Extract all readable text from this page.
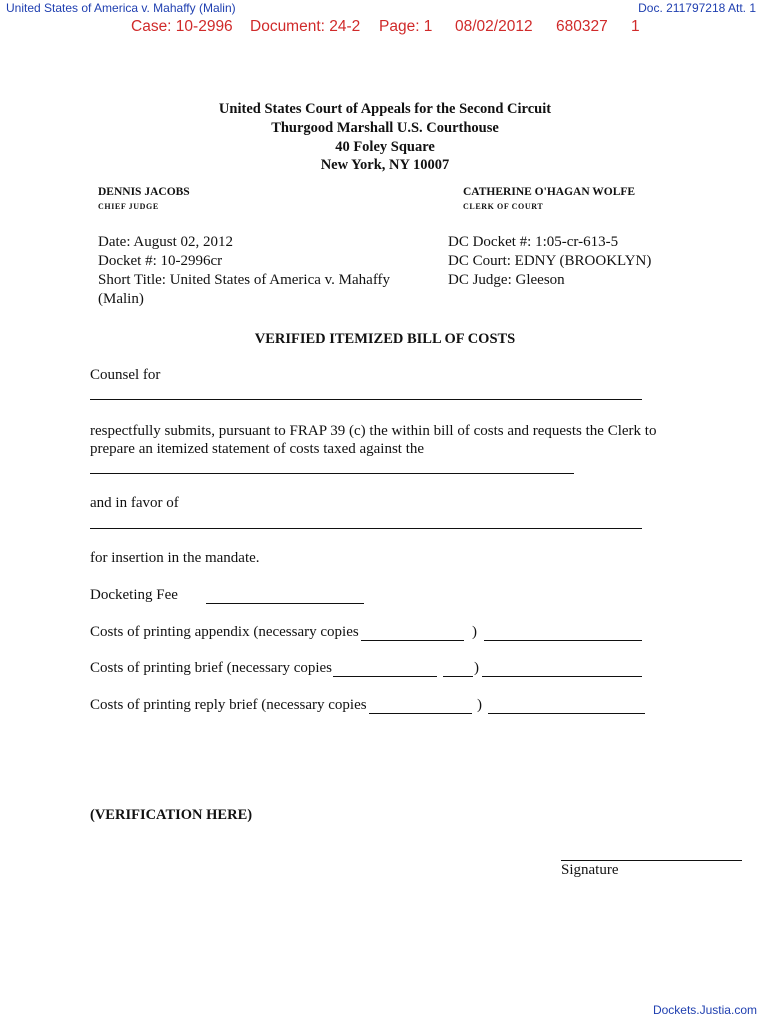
United States of America v. Mahaffy (Malin)	Doc. 211797218 Att. 1
Case: 10-2996 Document: 24-2 Page: 1 08/02/2012 680327 1
United States Court of Appeals for the Second Circuit
Thurgood Marshall U.S. Courthouse
40 Foley Square
New York, NY 10007
DENNIS JACOBS
CHIEF JUDGE
CATHERINE O'HAGAN WOLFE
CLERK OF COURT
Date: August 02, 2012
Docket #: 10-2996cr
Short Title: United States of America v. Mahaffy
(Malin)
DC Docket #: 1:05-cr-613-5
DC Court: EDNY (BROOKLYN)
DC Judge: Gleeson
VERIFIED ITEMIZED BILL OF COSTS
Counsel for
respectfully submits, pursuant to FRAP 39 (c) the within bill of costs and requests the Clerk to
prepare an itemized statement of costs taxed against the
and in favor of
for insertion in the mandate.
Docketing Fee
Costs of printing appendix (necessary copies	)
Costs of printing brief (necessary copies	)
Costs of printing reply brief (necessary copies	)
(VERIFICATION HERE)
Signature
Dockets.Justia.com
